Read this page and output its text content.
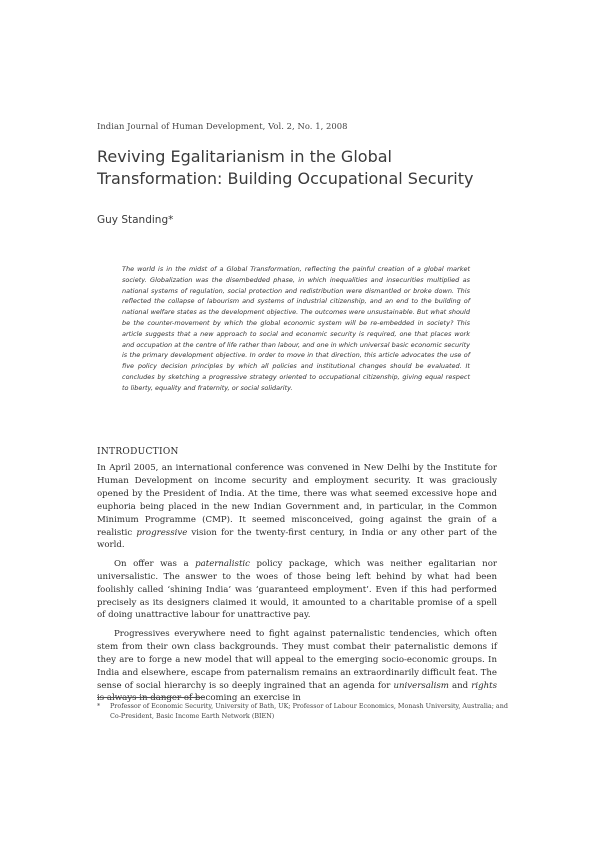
Indian Journal of Human Development, Vol. 2, No. 1, 2008
Reviving Egalitarianism in the Global
Transformation: Building Occupational Security
Guy Standing*
The world is in the midst of a Global Transformation, reflecting the painful creation of a global market society. Globalization was the disembedded phase, in which inequalities and insecurities multiplied as national systems of regulation, social protection and redistribution were dismantled or broke down. This reflected the collapse of labourism and systems of industrial citizenship, and an end to the building of national welfare states as the development objective. The outcomes were unsustainable. But what should be the counter-movement by which the global economic system will be re-embedded in society? This article suggests that a new approach to social and economic security is required, one that places work and occupation at the centre of life rather than labour, and one in which universal basic economic security is the primary development objective. In order to move in that direction, this article advocates the use of five policy decision principles by which all policies and institutional changes should be evaluated. It concludes by sketching a progressive strategy oriented to occupational citizenship, giving equal respect to liberty, equality and fraternity, or social solidarity.
INTRODUCTION

In April 2005, an international conference was convened in New Delhi by the Institute for Human Development on income security and employment security. It was graciously opened by the President of India. At the time, there was what seemed excessive hope and euphoria being placed in the new Indian Government and, in particular, in the Common Minimum Programme (CMP). It seemed misconceived, going against the grain of a realistic progressive vision for the twenty-first century, in India or any other part of the world.

On offer was a paternalistic policy package, which was neither egalitarian nor universalistic. The answer to the woes of those being left behind by what had been foolishly called ‘shining India’ was ‘guaranteed employment’. Even if this had performed precisely as its designers claimed it would, it amounted to a charitable promise of a spell of doing unattractive labour for unattractive pay.

Progressives everywhere need to fight against paternalistic tendencies, which often stem from their own class backgrounds. They must combat their paternalistic demons if they are to forge a new model that will appeal to the emerging socio-economic groups. In India and elsewhere, escape from paternalism remains an extraordinarily difficult feat. The sense of social hierarchy is so deeply ingrained that an agenda for universalism and rights is always in danger of becoming an exercise in

* Professor of Economic Security, University of Bath, UK; Professor of Labour Economics, Monash University, Australia; and Co-President, Basic Income Earth Network (BIEN)
